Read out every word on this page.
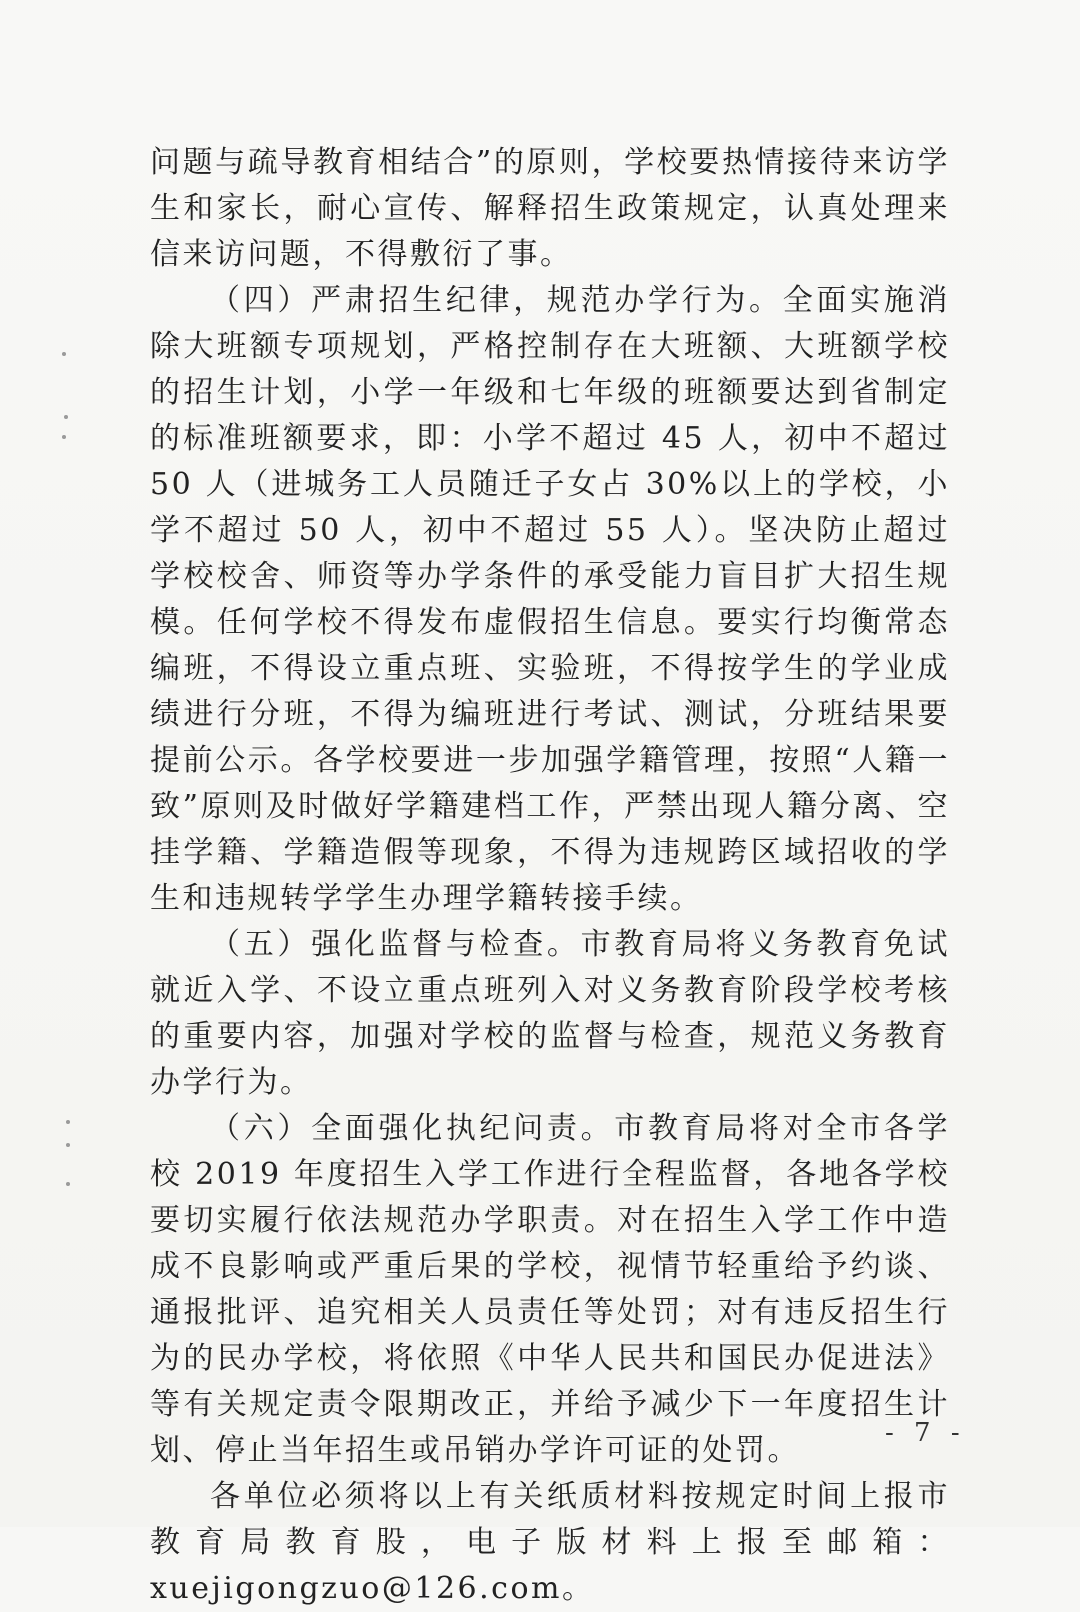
问题与疏导教育相结合”的原则，学校要热情接待来访学生和家长，耐心宣传、解释招生政策规定，认真处理来信来访问题，不得敷衍了事。

（四）严肃招生纪律，规范办学行为。全面实施消除大班额专项规划，严格控制存在大班额、大班额学校的招生计划，小学一年级和七年级的班额要达到省制定的标准班额要求，即：小学不超过 45 人，初中不超过 50 人（进城务工人员随迁子女占 30%以上的学校，小学不超过 50 人，初中不超过 55 人）。坚决防止超过学校校舍、师资等办学条件的承受能力盲目扩大招生规模。任何学校不得发布虚假招生信息。要实行均衡常态编班，不得设立重点班、实验班，不得按学生的学业成绩进行分班，不得为编班进行考试、测试，分班结果要提前公示。各学校要进一步加强学籍管理，按照“人籍一致”原则及时做好学籍建档工作，严禁出现人籍分离、空挂学籍、学籍造假等现象，不得为违规跨区域招收的学生和违规转学学生办理学籍转接手续。

（五）强化监督与检查。市教育局将义务教育免试就近入学、不设立重点班列入对义务教育阶段学校考核的重要内容，加强对学校的监督与检查，规范义务教育办学行为。

（六）全面强化执纪问责。市教育局将对全市各学校 2019 年度招生入学工作进行全程监督，各地各学校要切实履行依法规范办学职责。对在招生入学工作中造成不良影响或严重后果的学校，视情节轻重给予约谈、通报批评、追究相关人员责任等处罚；对有违反招生行为的民办学校，将依照《中华人民共和国民办促进法》等有关规定责令限期改正，并给予减少下一年度招生计划、停止当年招生或吊销办学许可证的处罚。

各单位必须将以上有关纸质材料按规定时间上报市教育局教育股，电子版材料上报至邮箱：xuejigongzuo@126.com。

- 7 -
